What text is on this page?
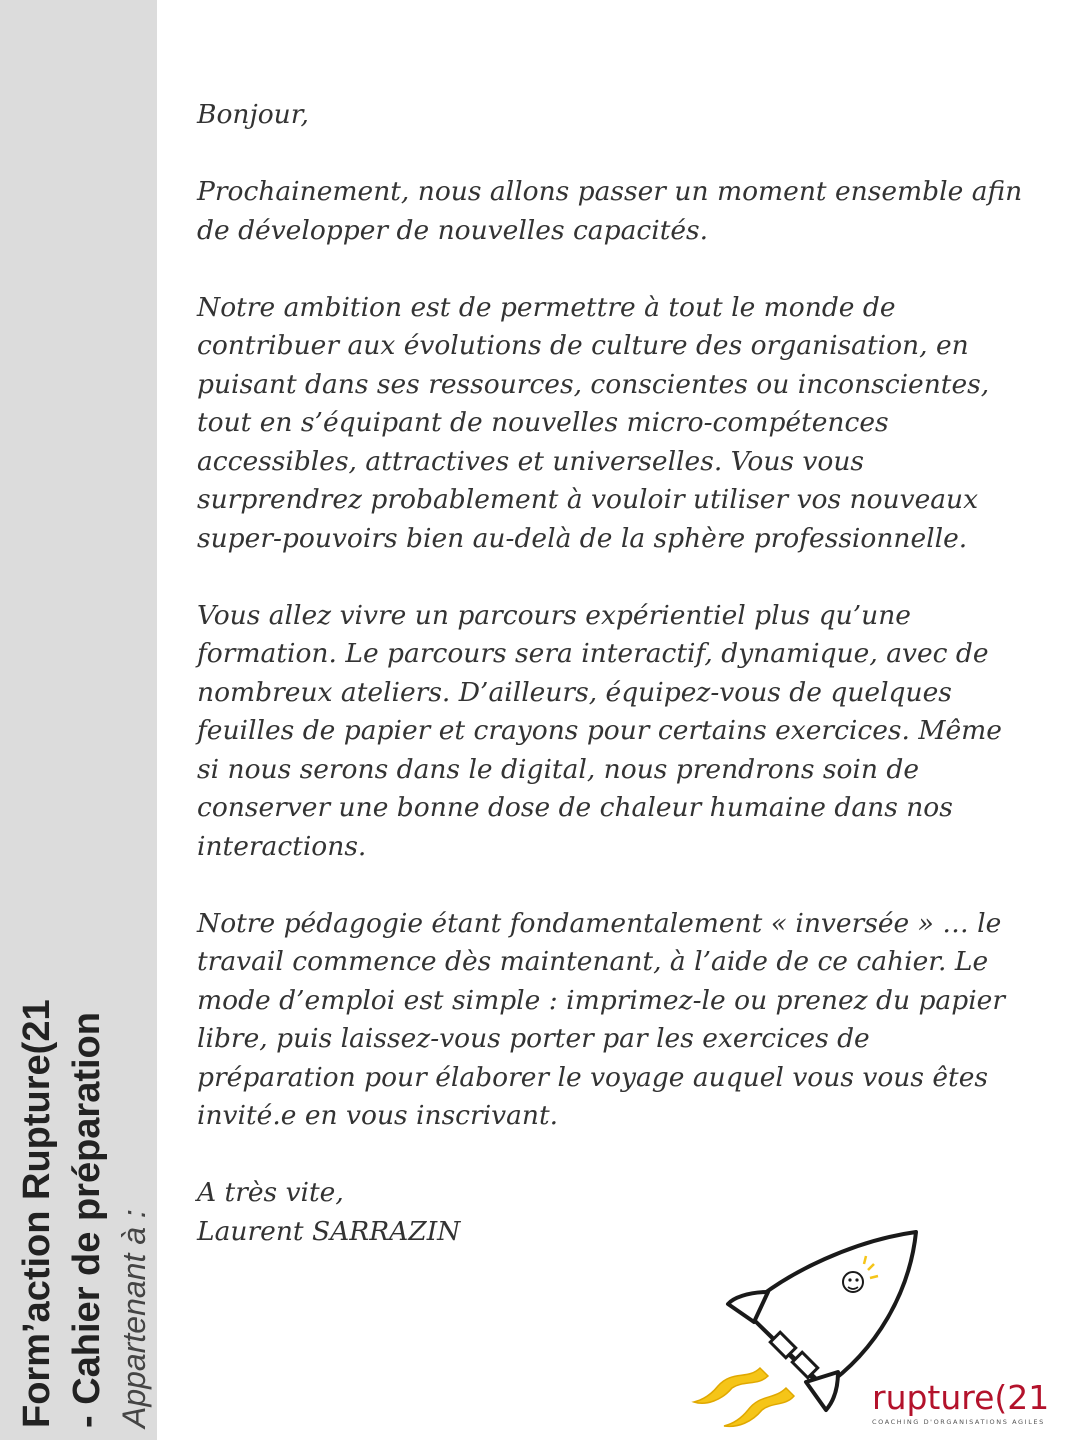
Form’action Rupture(21 - Cahier de préparation Appartenant à :

Bonjour,

Prochainement, nous allons passer un moment ensemble afin de développer de nouvelles capacités.

Notre ambition est de permettre à tout le monde de contribuer aux évolutions de culture des organisation, en puisant dans ses ressources, conscientes ou inconscientes, tout en s’équipant de nouvelles micro-compétences accessibles, attractives et universelles. Vous vous surprendrez probablement à vouloir utiliser vos nouveaux super-pouvoirs bien au-delà de la sphère professionnelle.

Vous allez vivre un parcours expérientiel plus qu’une formation. Le parcours sera interactif, dynamique, avec de nombreux ateliers. D’ailleurs, équipez-vous de quelques feuilles de papier et crayons pour certains exercices. Même si nous serons dans le digital, nous prendrons soin de conserver une bonne dose de chaleur humaine dans nos interactions.

Notre pédagogie étant fondamentalement « inversée » … le travail commence dès maintenant, à l’aide de ce cahier. Le mode d’emploi est simple : imprimez-le ou prenez du papier libre, puis laissez-vous porter par les exercices de préparation pour élaborer le voyage auquel vous vous êtes invité.e en vous inscrivant.

A très vite,

Laurent SARRAZIN

rupture(21
COACHING D'ORGANISATIONS AGILES
